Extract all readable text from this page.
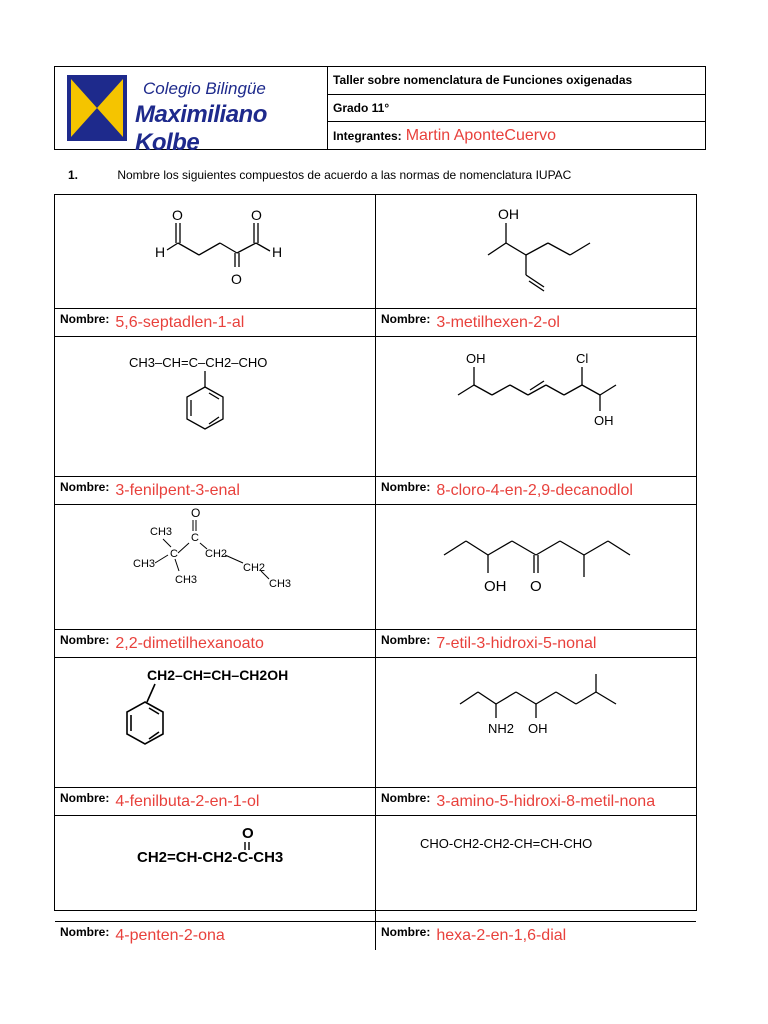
Colegio Bilingüe
Maximiliano Kolbe
Taller sobre nomenclatura de Funciones oxigenadas
Grado 11°
Integrantes: Martin AponteCuervo
1.	Nombre los siguientes compuestos de acuerdo a las normas de nomenclatura IUPAC
O	O
O
H	H
OH
Nombre: 5,6-septadlen-1-al	Nombre: 3-metilhexen-2-ol
CH3–CH=C–CH2–CHO	OH	Cl
OH
Nombre: 3-fenilpent-3-enal	Nombre: 8-cloro-4-en-2,9-decanodlol
O
CH3 C
C
CH3
CH3
CH2
CH2
CH3	OH O
Nombre: 2,2-dimetilhexanoato	Nombre: 7-etil-3-hidroxi-5-nonal
CH2–CH=CH–CH2OH
NH2 OH
Nombre: 4-fenilbuta-2-en-1-ol	Nombre: 3-amino-5-hidroxi-8-metil-nona
O
CH2=CH-CH2-C-CH3
CHO-CH2-CH2-CH=CH-CHO
Nombre: 4-penten-2-ona	Nombre: hexa-2-en-1,6-dial
